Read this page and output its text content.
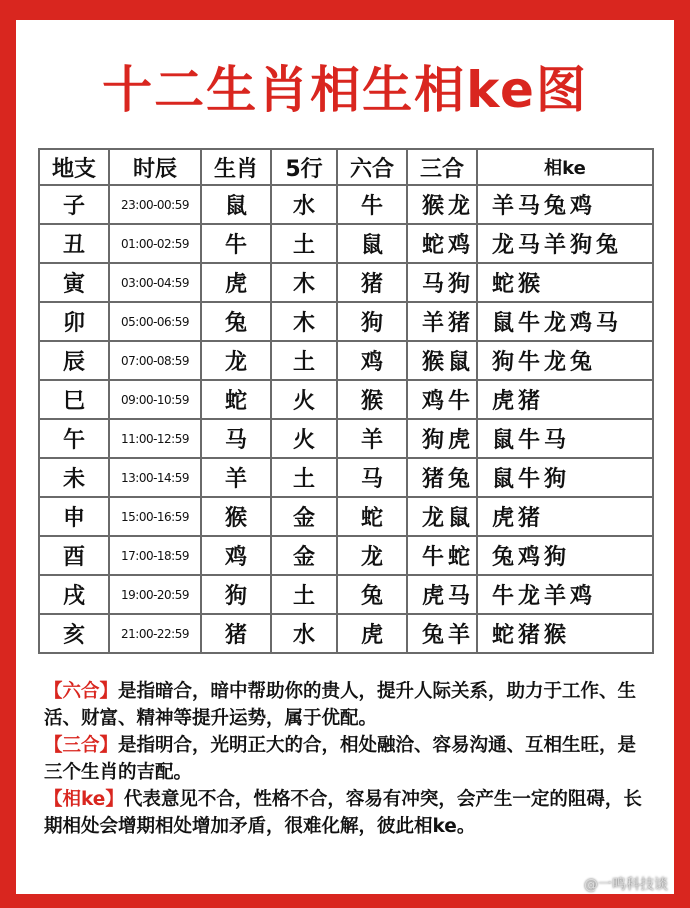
十二生肖相生相ke图
地支	时辰	生肖	5行	六合	三合	相ke
子	23:00-00:59	鼠	水	牛	猴龙	羊马兔鸡
丑	01:00-02:59	牛	土	鼠	蛇鸡	龙马羊狗兔
寅	03:00-04:59	虎	木	猪	马狗	蛇猴
卯	05:00-06:59	兔	木	狗	羊猪	鼠牛龙鸡马
辰	07:00-08:59	龙	土	鸡	猴鼠	狗牛龙兔
巳	09:00-10:59	蛇	火	猴	鸡牛	虎猪
午	11:00-12:59	马	火	羊	狗虎	鼠牛马
未	13:00-14:59	羊	土	马	猪兔	鼠牛狗
申	15:00-16:59	猴	金	蛇	龙鼠	虎猪
酉	17:00-18:59	鸡	金	龙	牛蛇	兔鸡狗
戌	19:00-20:59	狗	土	兔	虎马	牛龙羊鸡
亥	21:00-22:59	猪	水	虎	兔羊	蛇猪猴

【六合】是指暗合，暗中帮助你的贵人，提升人际关系，助力于工作、生活、财富、精神等提升运势，属于优配。

【三合】是指明合，光明正大的合，相处融洽、容易沟通、互相生旺，是三个生肖的吉配。

【相ke】代表意见不合，性格不合，容易有冲突，会产生一定的阻碍，长期相处会增期相处增加矛盾，很难化解，彼此相ke。

@一鸣科技谈
